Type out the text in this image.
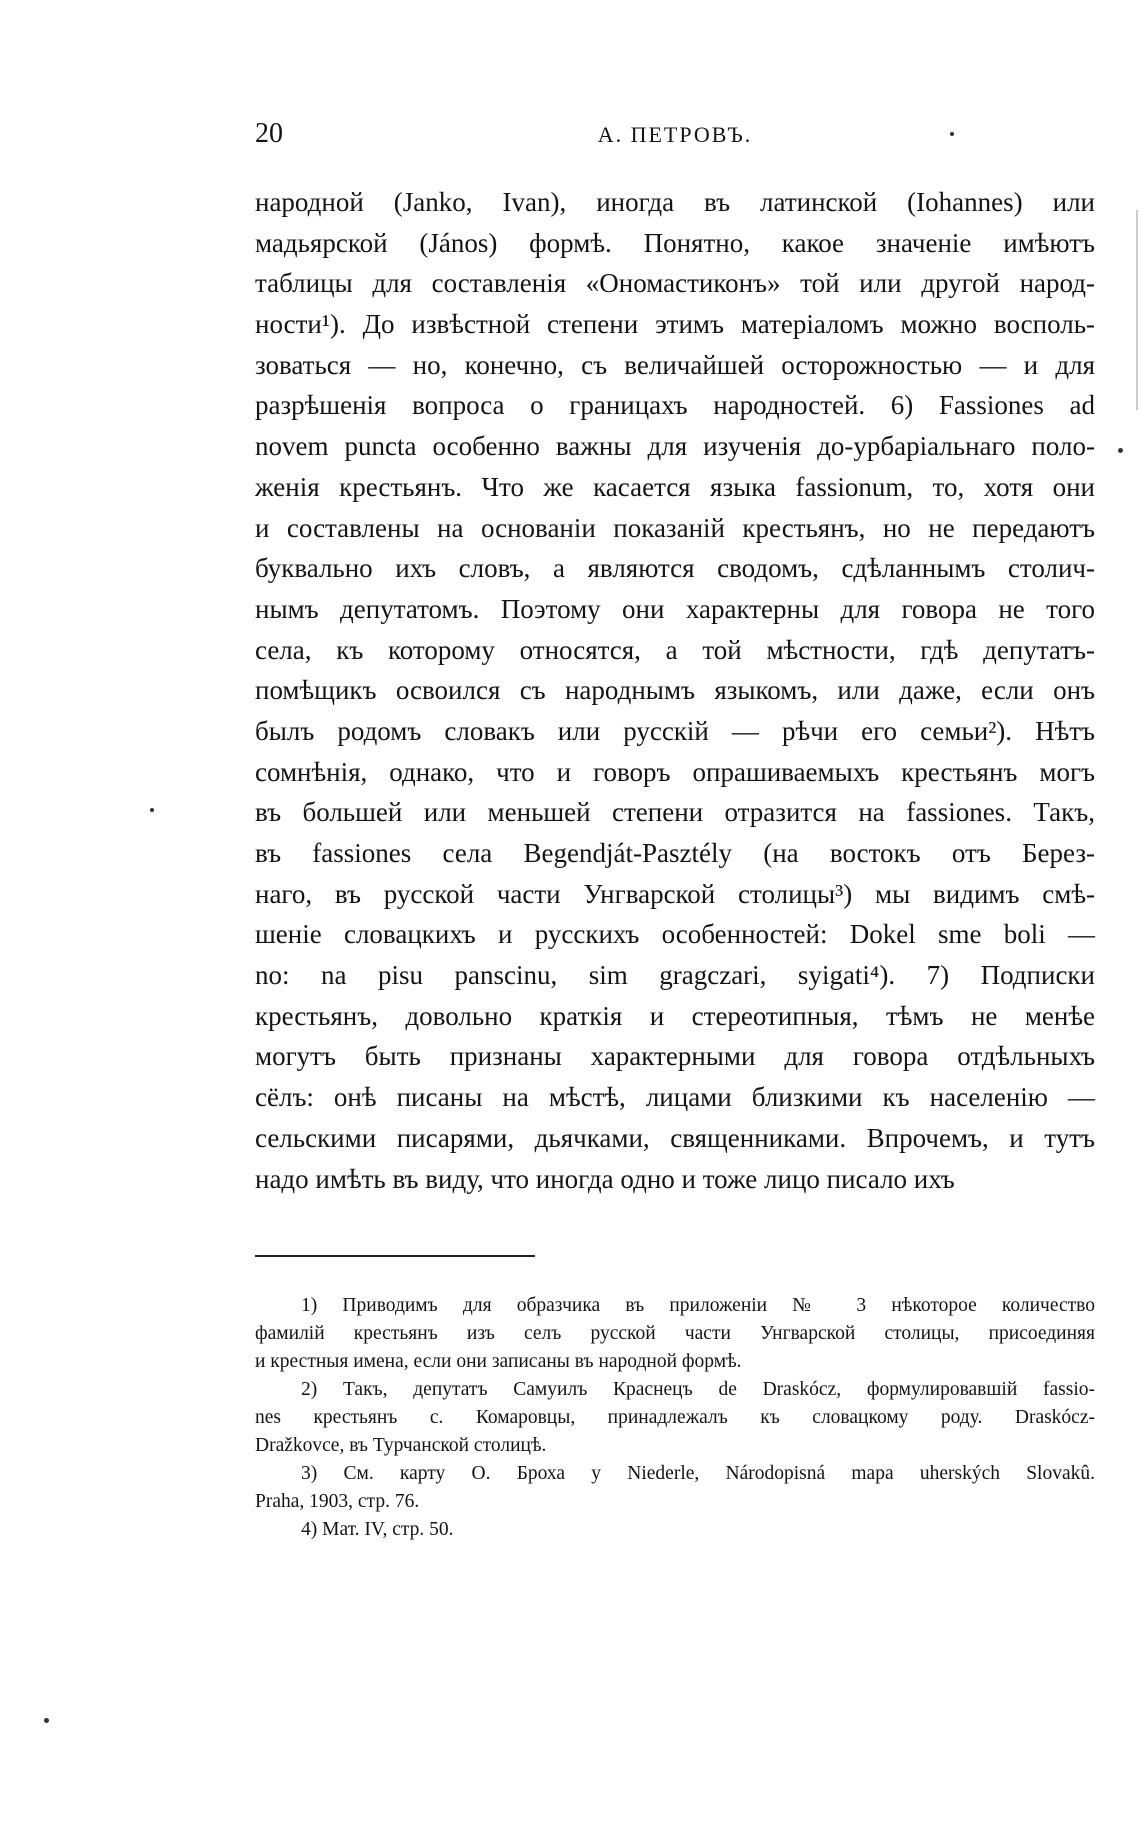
20	А. ПЕТРОВЪ.
народной (Janko, Ivan), иногда въ латинской (Iohannes) или
мадьярской (János) формѣ. Понятно, какое значеніе имѣютъ
таблицы для составленія «Ономастиконъ» той или другой народ-
ности¹). До извѣстной степени этимъ матеріаломъ можно восполь-
зоваться — но, конечно, съ величайшей осторожностью — и для
разрѣшенія вопроса о границахъ народностей. 6) Fassiones ad
novem puncta особенно важны для изученія до-урбаріальнаго поло-
женія крестьянъ. Что же касается языка fassionum, то, хотя они
и составлены на основаніи показаній крестьянъ, но не передаютъ
буквально ихъ словъ, а являются сводомъ, сдѣланнымъ столич-
нымъ депутатомъ. Поэтому они характерны для говора не того
села, къ которому относятся, а той мѣстности, гдѣ депутатъ-
помѣщикъ освоился съ народнымъ языкомъ, или даже, если онъ
былъ родомъ словакъ или русскій — рѣчи его семьи²). Нѣтъ
сомнѣнія, однако, что и говоръ опрашиваемыхъ крестьянъ могъ
въ большей или меньшей степени отразится на fassiones. Такъ,
въ fassiones села Begendját-Pasztély (на востокъ отъ Берез-
наго, въ русской части Унгварской столицы³) мы видимъ смѣ-
шеніе словацкихъ и русскихъ особенностей: Dokel sme boli —
no: na pisu panscinu, sim gragczari, syigati⁴). 7) Подписки
крестьянъ, довольно краткія и стереотипныя, тѣмъ не менѣе
могутъ быть признаны характерными для говора отдѣльныхъ
сёлъ: онѣ писаны на мѣстѣ, лицами близкими къ населенію —
сельскими писарями, дьячками, священниками. Впрочемъ, и тутъ
надо имѣть въ виду, что иногда одно и тоже лицо писало ихъ
1) Приводимъ для образчика въ приложеніи № 3 нѣкоторое количество
фамилій крестьянъ изъ селъ русской части Унгварской столицы, присоединяя
и крестныя имена, если они записаны въ народной формѣ.
2) Такъ, депутатъ Самуилъ Краснецъ de Draskócz, формулировавшій fassio-
nes крестьянъ с. Комаровцы, принадлежалъ къ словацкому роду. Draskócz-
Dražkovce, въ Турчанской столицѣ.
3) См. карту О. Броха у Niederle, Národopisná mapa uherských Slovakû.
Praha, 1903, стр. 76.
4) Мат. IV, стр. 50.
